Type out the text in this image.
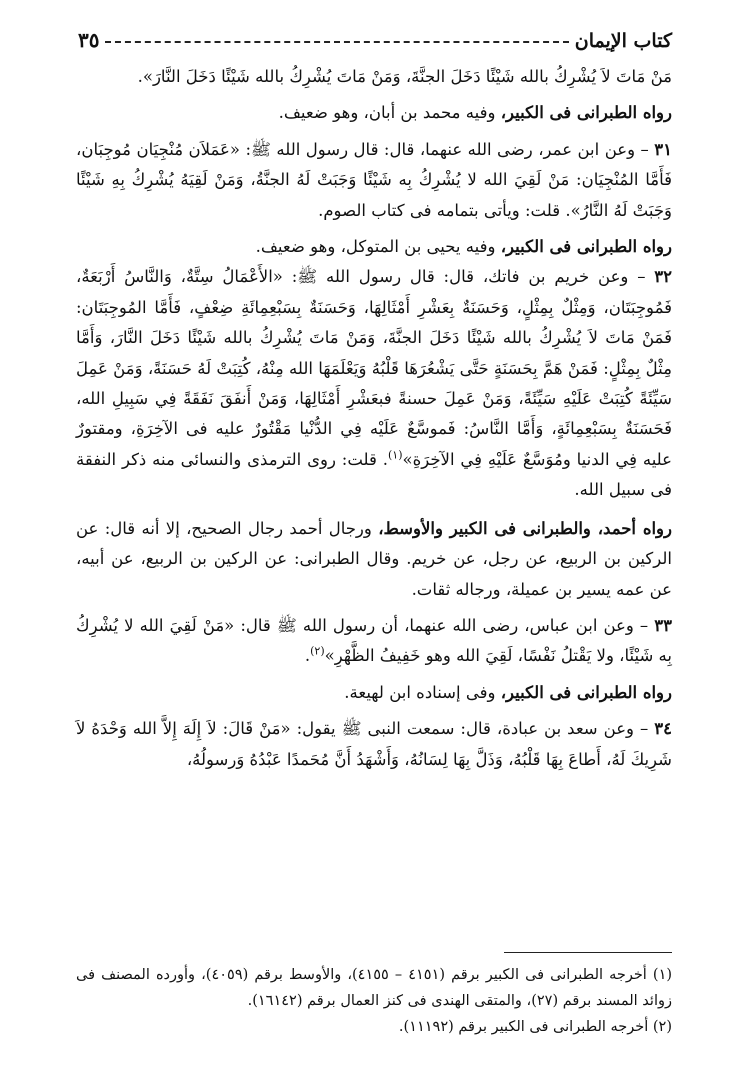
كتاب الإيمان
٣٥

مَنْ مَاتَ لاَ يُشْرِكُ بالله شَيْئًا دَخَلَ الجنَّةَ، وَمَنْ مَاتَ يُشْرِكُ بالله شَيْئًا دَخَلَ النَّارَ».

رواه الطبرانى فى الكبير، وفيه محمد بن أبان، وهو ضعيف.

٣١ – وعن ابن عمر، رضى الله عنهما، قال: قال رسول الله ﷺ: «عَمَلاَن مُنْجِيَان مُوجِبَان، فَأَمَّا المُنْجِيَان: مَنْ لَقِيَ الله لا يُشْرِكُ بِه شَيْئًا وَجَبَتْ لَهُ الجنَّةُ، وَمَنْ لَقِيَهُ يُشْرِكُ بِهِ شَيْئًا وَجَبَتْ لَهُ النَّارُ». قلت: ويأتى بتمامه فى كتاب الصوم.

رواه الطبرانى فى الكبير، وفيه يحيى بن المتوكل، وهو ضعيف.

٣٢ – وعن خريم بن فاتك، قال: قال رسول الله ﷺ: «الأَعْمَالُ سِتَّةٌ، وَالنَّاسُ أَرْبَعَةٌ، فَمُوجِبَتَان، وَمِثْلٌ بِمِثْلٍ، وَحَسَنَةٌ بِعَشْرِ أَمْثَالِهَا، وَحَسَنَةٌ بِسَبْعِمِائَةِ ضِعْفٍ، فَأَمَّا المُوجِبَتَان: فَمَنْ مَاتَ لاَ يُشْرِكُ بالله شَيْئًا دَخَلَ الجنَّةَ، وَمَنْ مَاتَ يُشْرِكُ بالله شَيْئًا دَخَلَ النَّارَ، وَأَمَّا مِثْلٌ بِمِثْلٍ: فَمَنْ هَمَّ بِحَسَنَةٍ حَتَّى يَشْعُرَهَا قَلْبُهُ وَيَعْلَمَهَا الله مِنْهُ، كُتِبَتْ لَهُ حَسَنَةً، وَمَنْ عَمِلَ سَيِّئَةً كُتِبَتْ عَلَيْهِ سَيِّئَةً، وَمَنْ عَمِلَ حسنةً فبعَشْرِ أَمْثَالِهَا، وَمَنْ أَنفَقَ نَفَقَةً فِي سَبِيلِ الله، فَحَسَنَةٌ بِسَبْعِمِائَةٍ، وَأَمَّا النَّاسُ: فَموسَّعٌ عَلَيْه فِي الدُّنْيا مَقْتُورٌ عليه فى الآخِرَةِ، ومقتورٌ عليه فِي الدنيا ومُوَسَّعٌ عَلَيْهِ فِي الآخِرَةِ»$^{(١)}$. قلت: روى الترمذى والنسائى منه ذكر النفقة فى سبيل الله.

رواه أحمد، والطبرانى فى الكبير والأوسط، ورجال أحمد رجال الصحيح، إلا أنه قال: عن الركين بن الربيع، عن رجل، عن خريم. وقال الطبرانى: عن الركين بن الربيع، عن أبيه، عن عمه يسير بن عميلة، ورجاله ثقات.

٣٣ – وعن ابن عباس، رضى الله عنهما، أن رسول الله ﷺ قال: «مَنْ لَقِيَ الله لا يُشْرِكُ بِه شَيْئًا، ولا يَقْتلُ نَفْسًا، لَقِيَ الله وهو خَفِيفُ الظَّهْرِ»$^{(٢)}$.

رواه الطبرانى فى الكبير، وفى إسناده ابن لهيعة.

٣٤ – وعن سعد بن عبادة، قال: سمعت النبى ﷺ يقول: «مَنْ قَالَ: لاَ إِلَهَ إِلاَّ الله وَحْدَهُ لاَ شَرِيكَ لَهُ، أَطاعَ بِهَا قَلْبُهُ، وَذَلَّ بِهَا لِسَانُهُ، وَأَشْهَدُ أَنَّ مُحَمدًا عَبْدُهُ وَرسولُهُ،

(١) أخرجه الطبرانى فى الكبير برقم (٤١٥١ – ٤١٥٥)، والأوسط برقم (٤٠٥٩)، وأورده المصنف فى زوائد المسند برقم (٢٧)، والمتقى الهندى فى كنز العمال برقم (١٦١٤٢).

(٢) أخرجه الطبرانى فى الكبير برقم (١١١٩٢).
